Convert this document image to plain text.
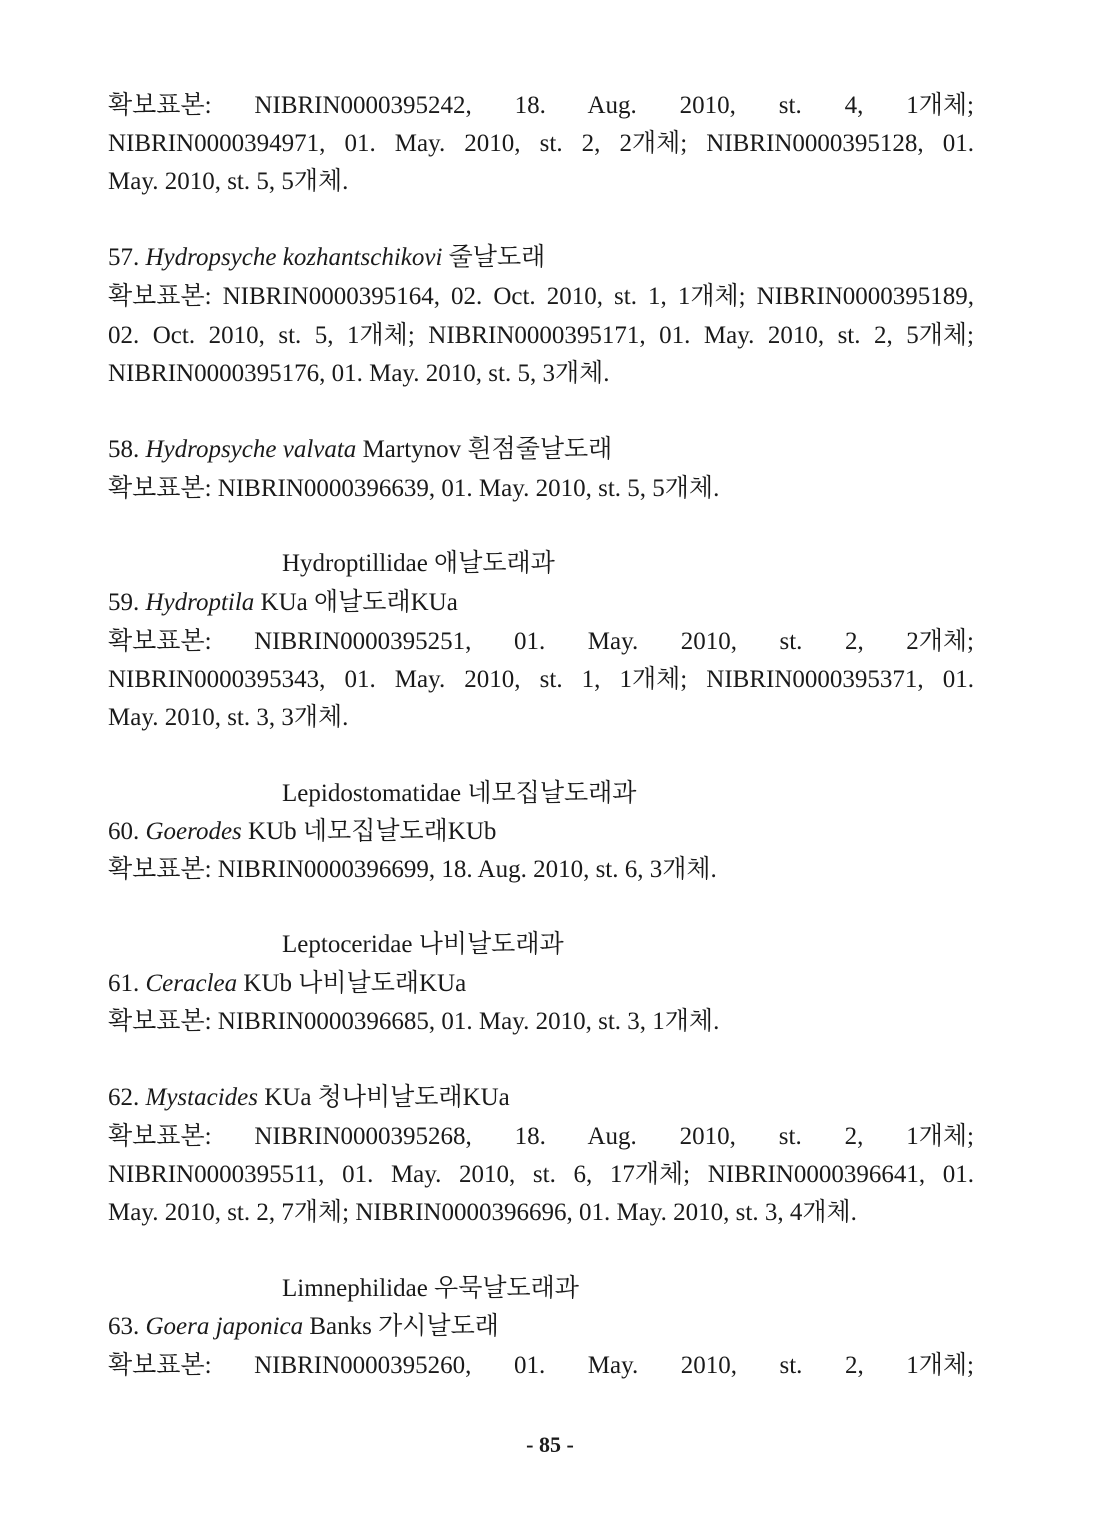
확보표본: NIBRIN0000395242, 18. Aug. 2010, st. 4, 1개체;
NIBRIN0000394971, 01. May. 2010, st. 2, 2개체; NIBRIN0000395128, 01.
May. 2010, st. 5, 5개체.
57. Hydropsyche kozhantschikovi 줄날도래
확보표본: NIBRIN0000395164, 02. Oct. 2010, st. 1, 1개체; NIBRIN0000395189,
02. Oct. 2010, st. 5, 1개체; NIBRIN0000395171, 01. May. 2010, st. 2, 5개체;
NIBRIN0000395176, 01. May. 2010, st. 5, 3개체.
58. Hydropsyche valvata Martynov 흰점줄날도래
확보표본: NIBRIN0000396639, 01. May. 2010, st. 5, 5개체.
Hydroptillidae 애날도래과
59. Hydroptila KUa 애날도래KUa
확보표본: NIBRIN0000395251, 01. May. 2010, st. 2, 2개체;
NIBRIN0000395343, 01. May. 2010, st. 1, 1개체; NIBRIN0000395371, 01.
May. 2010, st. 3, 3개체.
Lepidostomatidae 네모집날도래과
60. Goerodes KUb 네모집날도래KUb
확보표본: NIBRIN0000396699, 18. Aug. 2010, st. 6, 3개체.
Leptoceridae 나비날도래과
61. Ceraclea KUb 나비날도래KUa
확보표본: NIBRIN0000396685, 01. May. 2010, st. 3, 1개체.
62. Mystacides KUa 청나비날도래KUa
확보표본: NIBRIN0000395268, 18. Aug. 2010, st. 2, 1개체;
NIBRIN0000395511, 01. May. 2010, st. 6, 17개체; NIBRIN0000396641, 01.
May. 2010, st. 2, 7개체; NIBRIN0000396696, 01. May. 2010, st. 3, 4개체.
Limnephilidae 우묵날도래과
63. Goera japonica Banks 가시날도래
확보표본: NIBRIN0000395260, 01. May. 2010, st. 2, 1개체;
- 85 -
